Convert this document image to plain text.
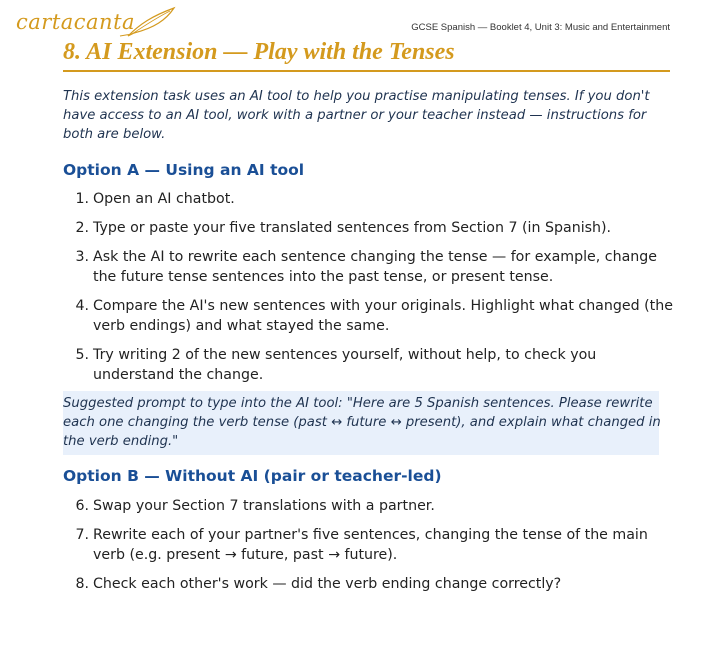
cartacanta	GCSE Spanish — Booklet 4, Unit 3: Music and Entertainment
8. AI Extension — Play with the Tenses

This extension task uses an AI tool to help you practise manipulating tenses. If you don't have access to an AI tool, work with a partner or your teacher instead — instructions for both are below.

Option A — Using an AI tool
1. Open an AI chatbot.
2. Type or paste your five translated sentences from Section 7 (in Spanish).
3. Ask the AI to rewrite each sentence changing the tense — for example, change the future tense sentences into the past tense, or present tense.
4. Compare the AI's new sentences with your originals. Highlight what changed (the verb endings) and what stayed the same.
5. Try writing 2 of the new sentences yourself, without help, to check you understand the change.

Suggested prompt to type into the AI tool: "Here are 5 Spanish sentences. Please rewrite each one changing the verb tense (past ↔ future ↔ present), and explain what changed in the verb ending."

Option B — Without AI (pair or teacher-led)
6. Swap your Section 7 translations with a partner.
7. Rewrite each of your partner's five sentences, changing the tense of the main verb (e.g. present → future, past → future).
8. Check each other's work — did the verb ending change correctly?
